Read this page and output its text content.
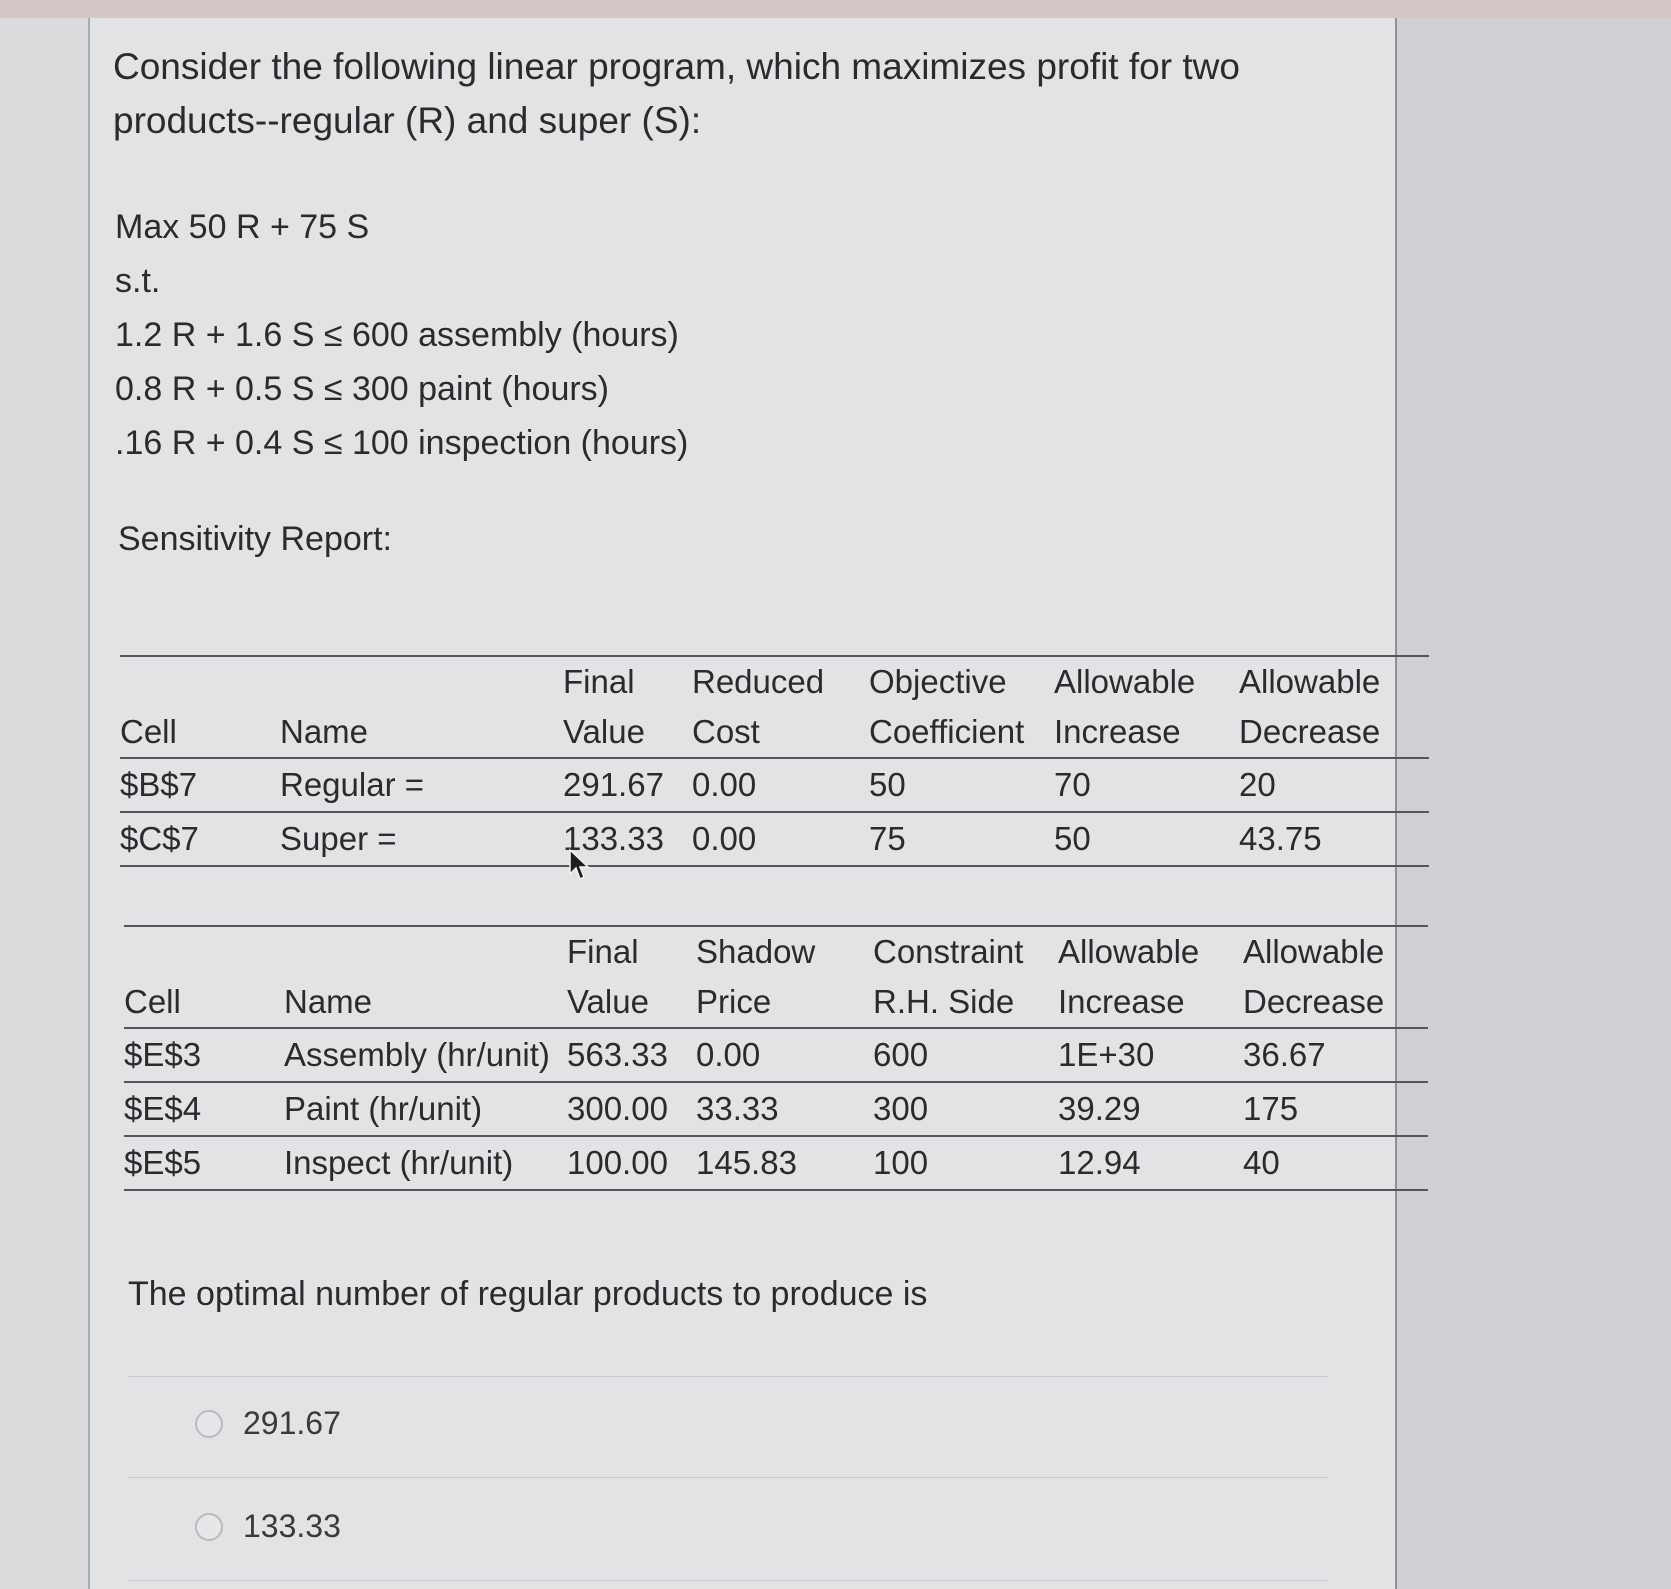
Consider the following linear program, which maximizes profit for two products--regular (R) and super (S):
Max 50 R + 75 S
s.t.
1.2 R + 1.6 S ≤ 600 assembly (hours)
0.8 R + 0.5 S ≤ 300 paint (hours)
.16 R + 0.4 S ≤ 100 inspection (hours)
Sensitivity Report:
		Final	Reduced	Objective	Allowable	Allowable
Cell	Name	Value	Cost	Coefficient	Increase	Decrease
$B$7	Regular =	291.67	0.00	50	70	20
$C$7	Super =	133.33	0.00	75	50	43.75
		Final	Shadow	Constraint	Allowable	Allowable
Cell	Name	Value	Price	R.H. Side	Increase	Decrease
$E$3	Assembly (hr/unit)	563.33	0.00	600	1E+30	36.67
$E$4	Paint (hr/unit)	300.00	33.33	300	39.29	175
$E$5	Inspect (hr/unit)	100.00	145.83	100	12.94	40
The optimal number of regular products to produce is
291.67
133.33
